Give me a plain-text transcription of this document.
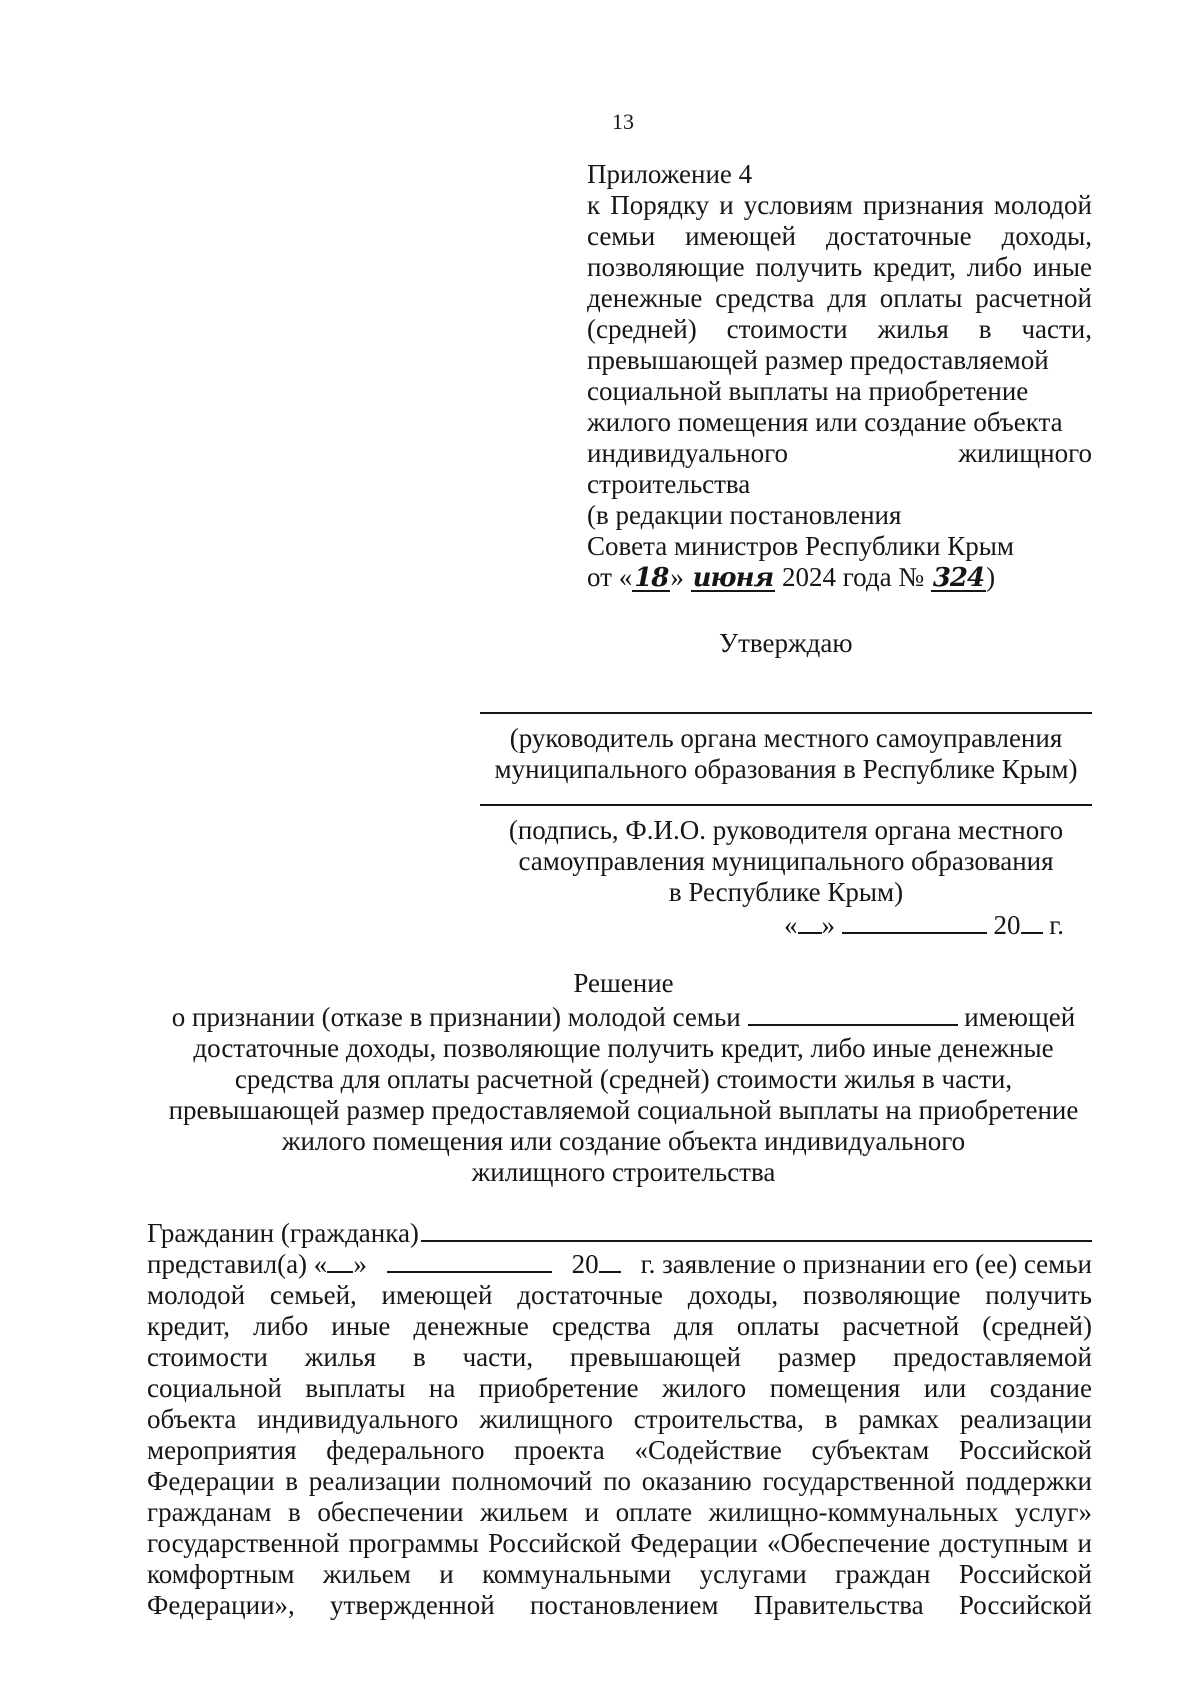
13
Приложение 4
к Порядку и условиям признания молодой
семьи имеющей достаточные доходы,
позволяющие получить кредит, либо иные
денежные средства для оплаты расчетной
(средней) стоимости жилья в части,
превышающей размер предоставляемой
социальной выплаты на приобретение
жилого помещения или создание объекта
индивидуального жилищного
строительства
(в редакции постановления
Совета министров Республики Крым
от «18» июня 2024 года № 324)
Утверждаю
(руководитель органа местного самоуправления
муниципального образования в Республике Крым)
(подпись, Ф.И.О. руководителя органа местного
самоуправления муниципального образования
в Республике Крым)
« »	20 г.
Решение
о признании (отказе в признании) молодой семьи	имеющей
достаточные доходы, позволяющие получить кредит, либо иные денежные
средства для оплаты расчетной (средней) стоимости жилья в части,
превышающей размер предоставляемой социальной выплаты на приобретение
жилого помещения или создание объекта индивидуального
жилищного строительства
Гражданин (гражданка)
представил(а) « »	20	г. заявление о признании его (ее) семьи
молодой семьей, имеющей достаточные доходы, позволяющие получить
кредит, либо иные денежные средства для оплаты расчетной (средней)
стоимости жилья в части, превышающей размер предоставляемой
социальной выплаты на приобретение жилого помещения или создание
объекта индивидуального жилищного строительства, в рамках реализации
мероприятия федерального проекта «Содействие субъектам Российской
Федерации в реализации полномочий по оказанию государственной поддержки
гражданам в обеспечении жильем и оплате жилищно-коммунальных услуг»
государственной программы Российской Федерации «Обеспечение доступным и
комфортным жильем и коммунальными услугами граждан Российской
Федерации», утвержденной постановлением Правительства Российской
